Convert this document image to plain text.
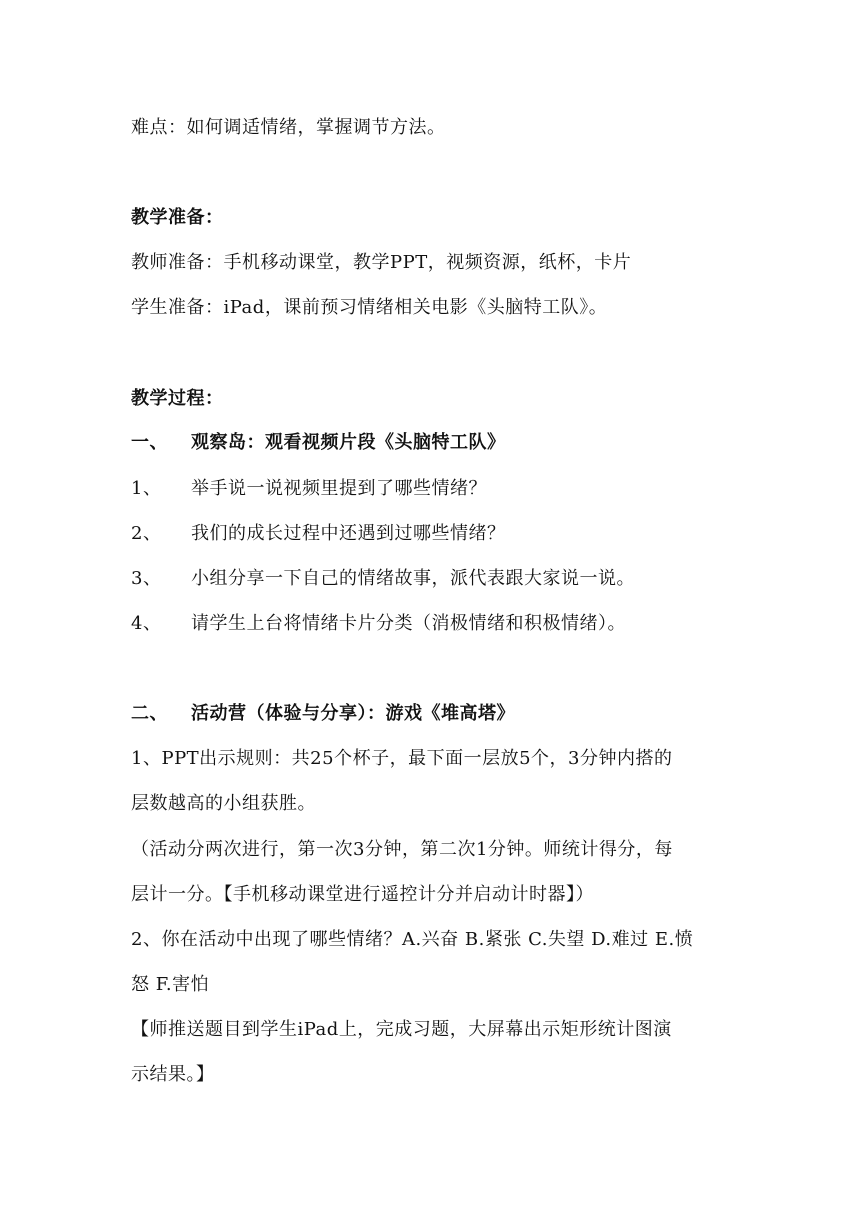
难点：如何调适情绪，掌握调节方法。
教学准备：
教师准备：手机移动课堂，教学PPT，视频资源，纸杯，卡片
学生准备：iPad，课前预习情绪相关电影《头脑特工队》。
教学过程：
一、 观察岛：观看视频片段《头脑特工队》
1、 举手说一说视频里提到了哪些情绪？
2、 我们的成长过程中还遇到过哪些情绪？
3、 小组分享一下自己的情绪故事，派代表跟大家说一说。
4、 请学生上台将情绪卡片分类（消极情绪和积极情绪）。
二、 活动营（体验与分享）：游戏《堆高塔》
1、PPT出示规则：共25个杯子，最下面一层放5个，3分钟内搭的
层数越高的小组获胜。
（活动分两次进行，第一次3分钟，第二次1分钟。师统计得分，每
层计一分。【手机移动课堂进行遥控计分并启动计时器】）
2、你在活动中出现了哪些情绪？A.兴奋 B.紧张 C.失望 D.难过 E.愤
怒 F.害怕
【师推送题目到学生iPad上，完成习题，大屏幕出示矩形统计图演
示结果。】
